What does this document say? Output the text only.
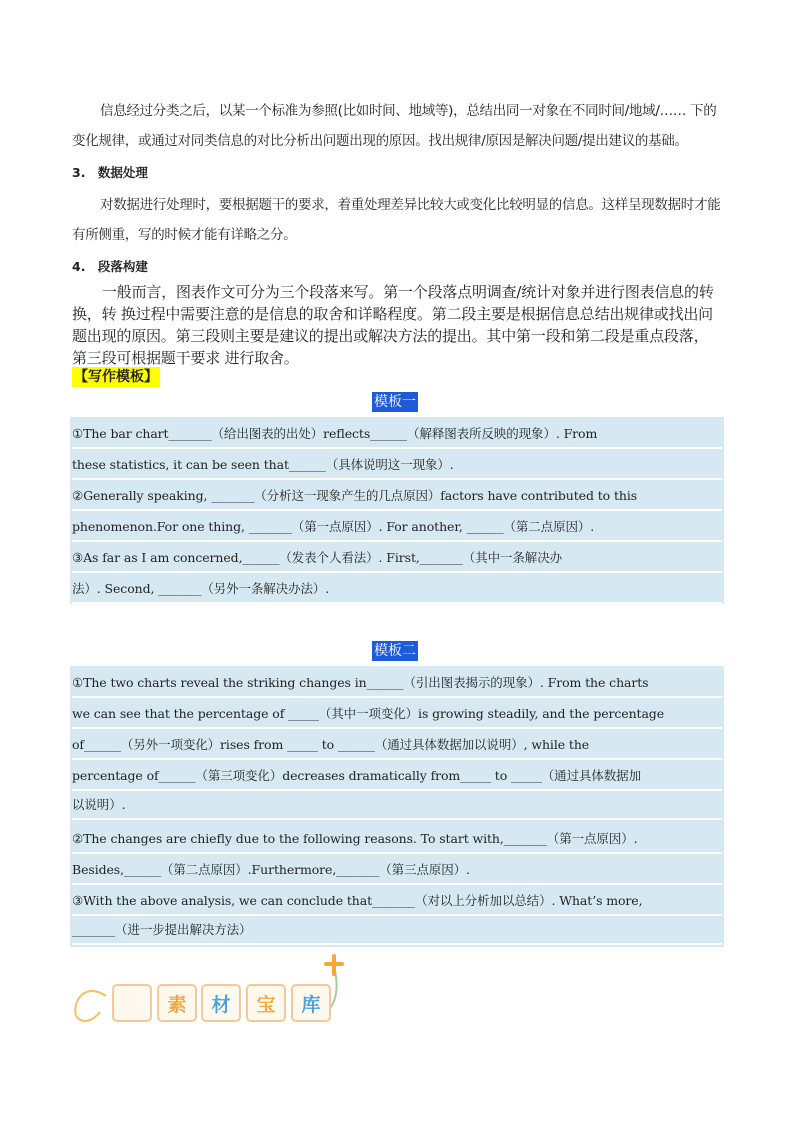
信息经过分类之后，以某一个标准为参照(比如时间、地域等)，总结出同一对象在不同时间/地域/…… 下的变化规律，或通过对同类信息的对比分析出问题出现的原因。找出规律/原因是解决问题/提出建议的基础。

3. 数据处理

对数据进行处理时，要根据题干的要求，着重处理差异比较大或变化比较明显的信息。这样呈现数据时才能有所侧重，写的时候才能有详略之分。

4. 段落构建

一般而言，图表作文可分为三个段落来写。第一个段落点明调查/统计对象并进行图表信息的转换，转 换过程中需要注意的是信息的取舍和详略程度。第二段主要是根据信息总结出规律或找出问题出现的原因。第三段则主要是建议的提出或解决方法的提出。其中第一段和第二段是重点段落，第三段可根据题干要求 进行取舍。

【写作模板】
模板一
①The bar chart_______（给出图表的出处）reflects______（解释图表所反映的现象）. From
these statistics, it can be seen that______（具体说明这一现象）.
②Generally speaking, _______（分析这一现象产生的几点原因）factors have contributed to this
phenomenon.For one thing, _______（第一点原因）. For another, ______（第二点原因）.
③As far as I am concerned,______（发表个人看法）. First,_______（其中一条解决办
法）. Second, _______（另外一条解决办法）.
模板二
①The two charts reveal the striking changes in______（引出图表揭示的现象）. From the charts
we can see that the percentage of _____（其中一项变化）is growing steadily, and the percentage
of______（另外一项变化）rises from _____ to ______（通过具体数据加以说明）, while the
percentage of______（第三项变化）decreases dramatically from_____ to _____（通过具体数据加
以说明）.
②The changes are chiefly due to the following reasons. To start with,_______（第一点原因）.
Besides,______（第二点原因）.Furthermore,_______（第三点原因）.
③With the above analysis, we can conclude that_______（对以上分析加以总结）. What’s more,
_______（进一步提出解决方法）
素	材	宝	库
